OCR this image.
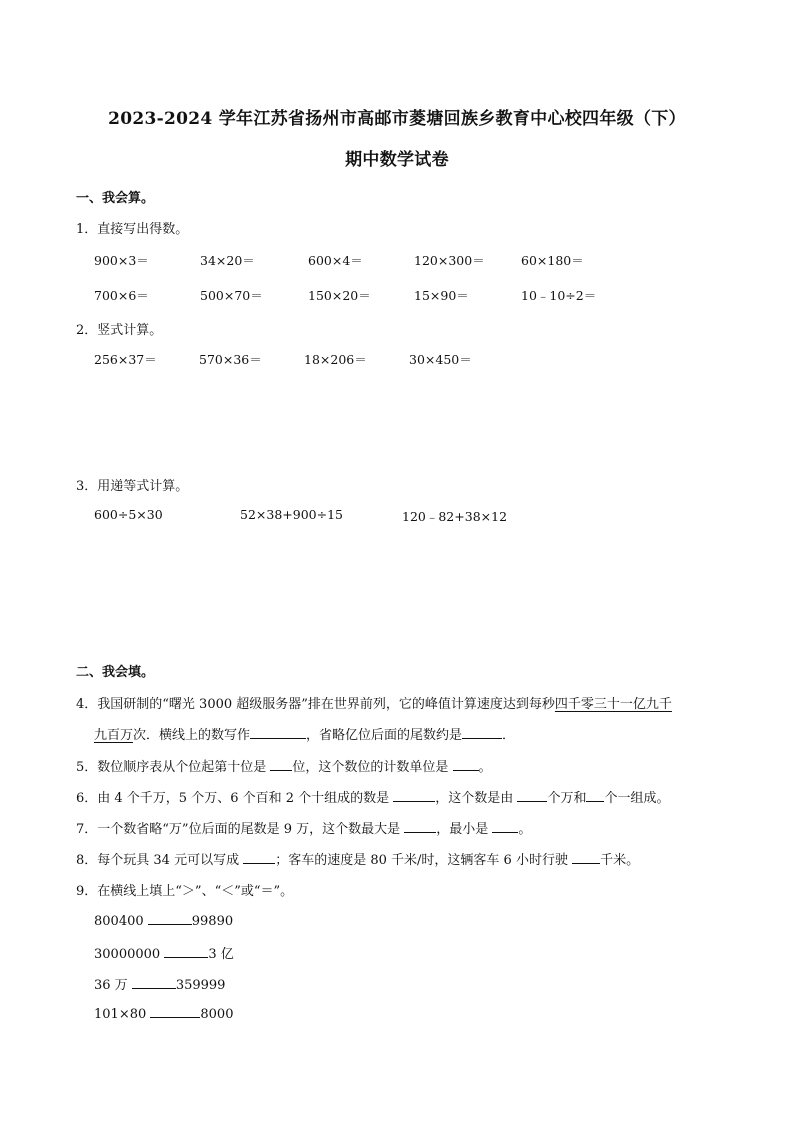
2023-2024 学年江苏省扬州市高邮市菱塘回族乡教育中心校四年级（下）
期中数学试卷
一、我会算。
1．直接写出得数。
900×3＝	34×20＝	600×4＝	120×300＝	60×180＝
700×6＝	500×70＝	150×20＝	15×90＝	10﹣10÷2＝
2．竖式计算。
256×37＝	570×36＝	18×206＝	30×450＝
3．用递等式计算。
600÷5×30	52×38+900÷15	120﹣82+38×12
二、我会填。
4．我国研制的“曙光 3000 超级服务器”排在世界前列，它的峰值计算速度达到每秒四千零三十一亿九千
九百万次．横线上的数写作	，省略亿位后面的尾数约是	．
5．数位顺序表从个位起第十位是 位，这个数位的计数单位是 。
6．由 4 个千万，5 个万、6 个百和 2 个十组成的数是	，这个数是由 个万和 个一组成。
7．一个数省略“万”位后面的尾数是 9 万，这个数最大是 ，最小是 。
8．每个玩具 34 元可以写成 ；客车的速度是 80 千米/时，这辆客车 6 小时行驶 千米。
9．在横线上填上“＞”、“＜”或“＝”。
800400	99890
30000000	3 亿
36 万	359999
101×80	8000
